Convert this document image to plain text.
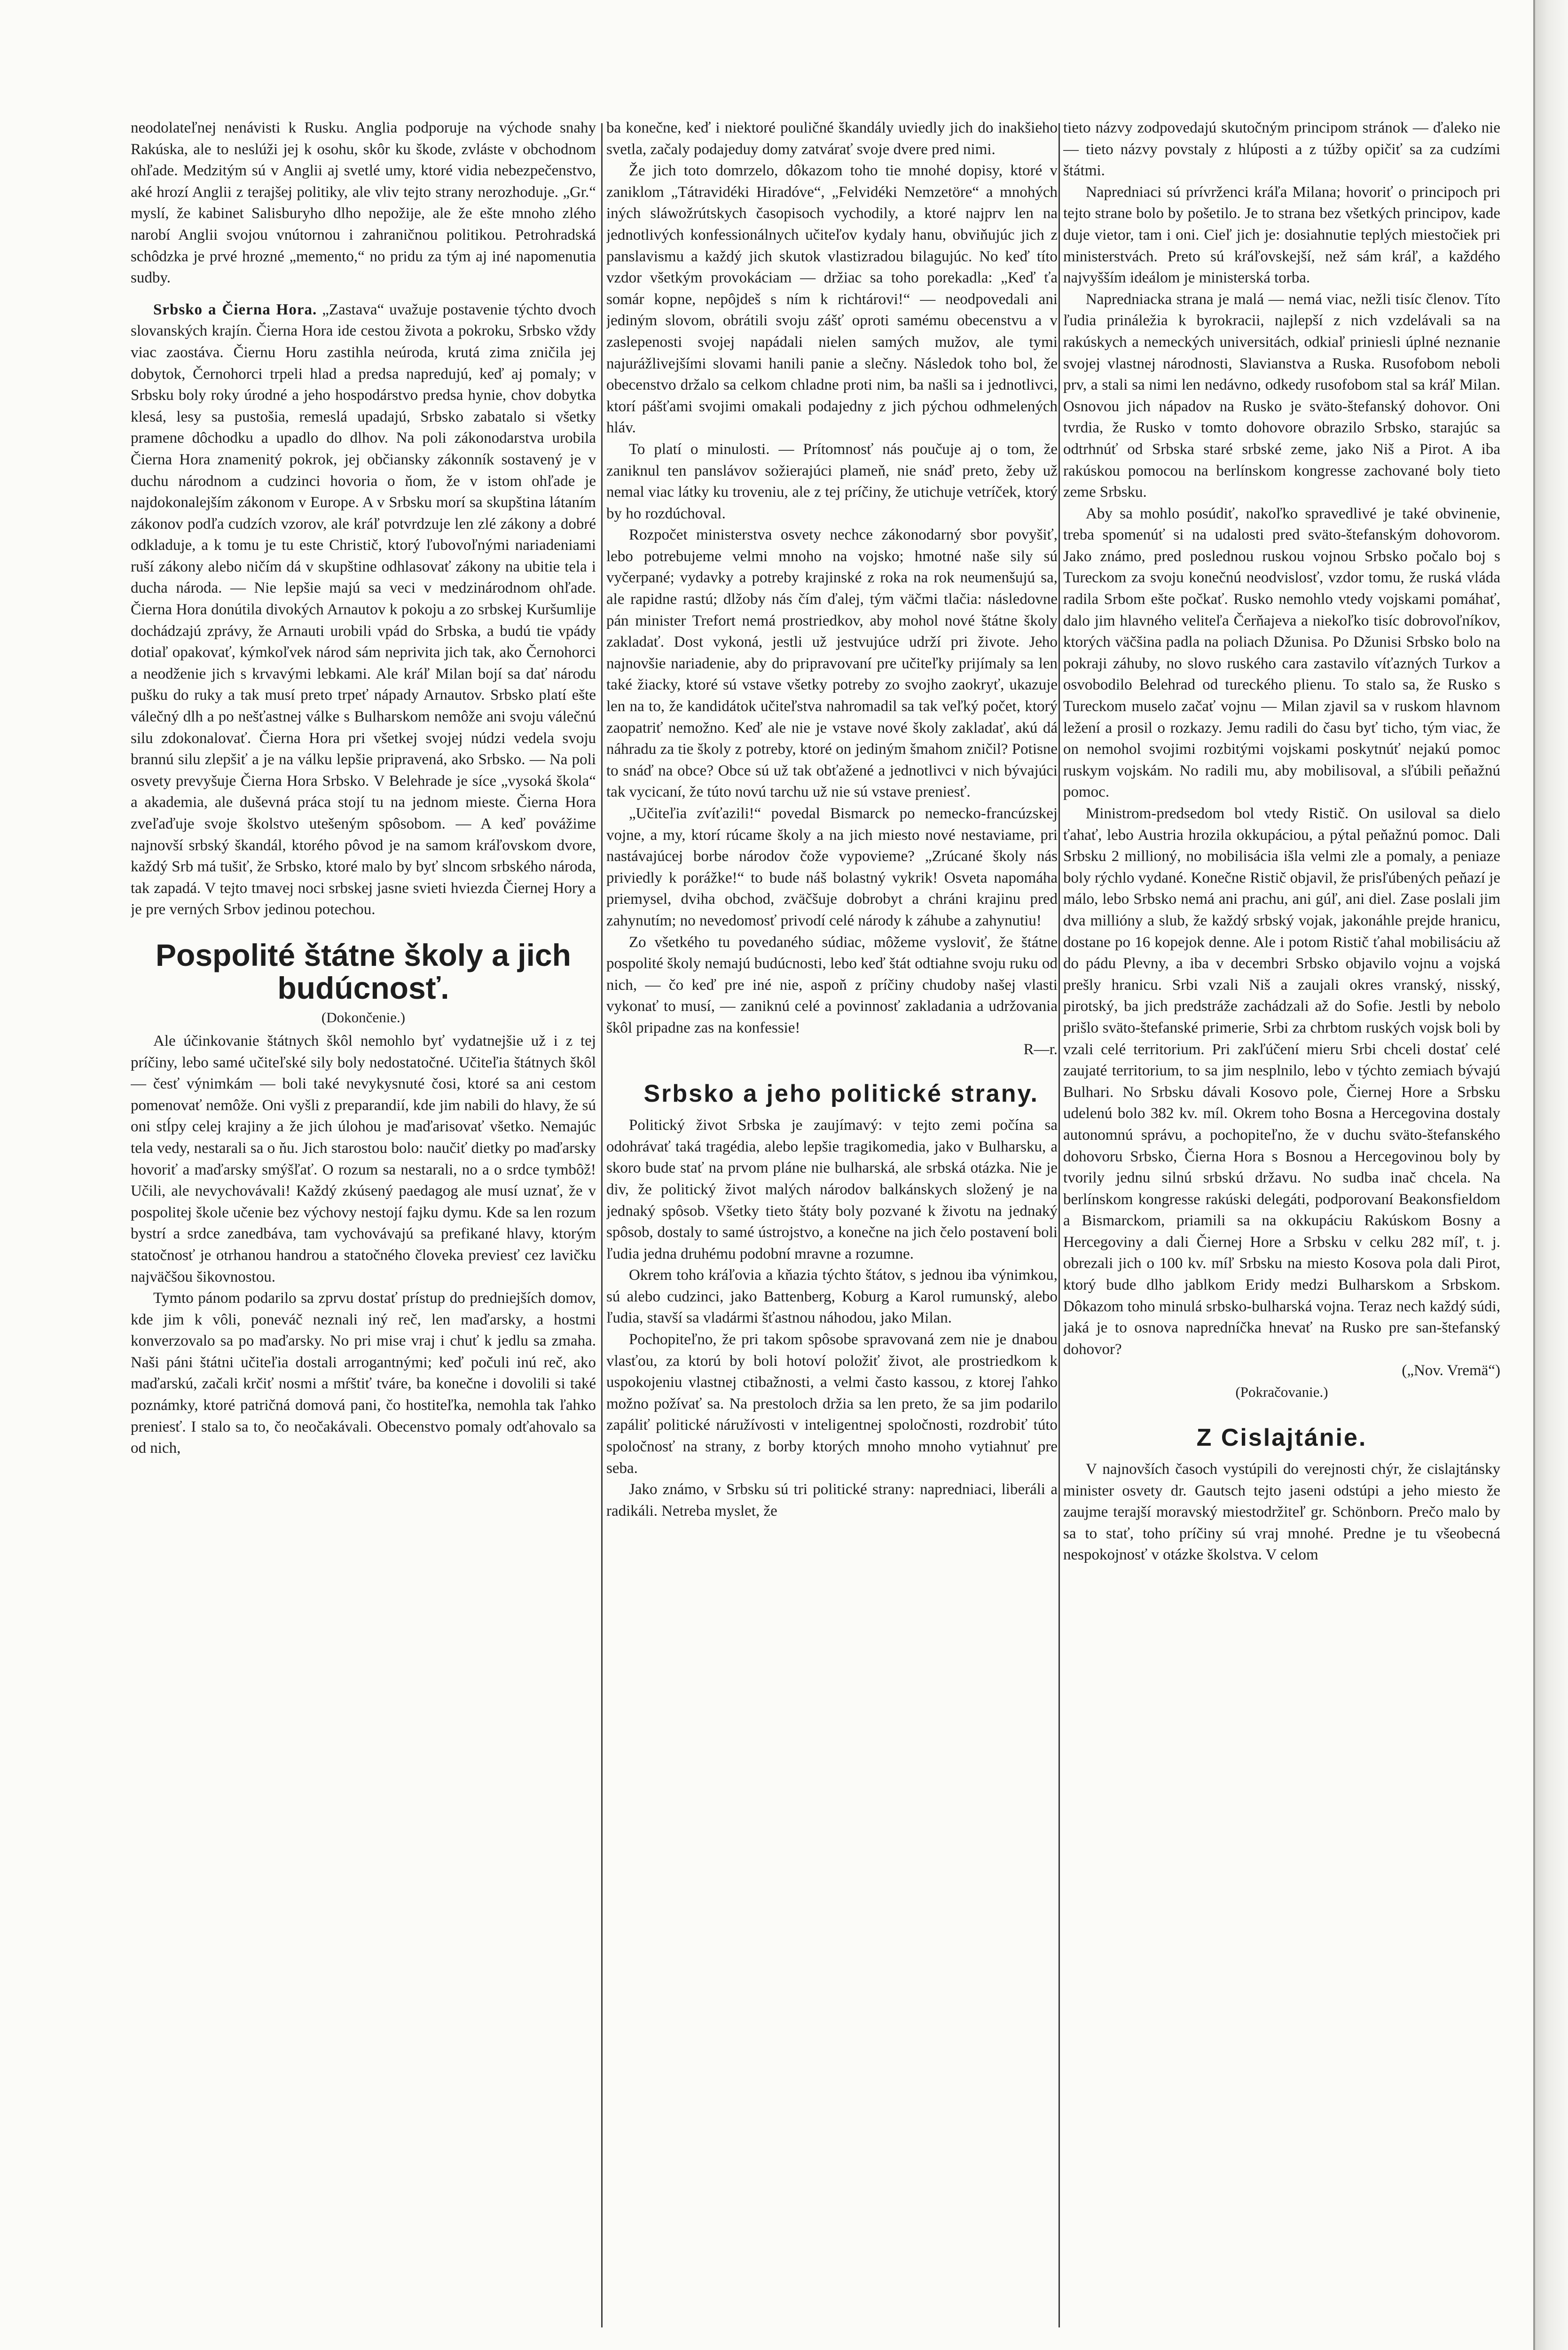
neodolateľnej nenávisti k Rusku. Anglia podporuje na východe snahy Rakúska, ale to neslúži jej k osohu, skôr ku škode, zvláste v obchodnom ohľade. Medzitým sú v Anglii aj svetlé umy, ktoré vidia nebezpečenstvo, aké hrozí Anglii z terajšej politiky, ale vliv tejto strany nerozhoduje. „Gr.“ myslí, že kabinet Salisburyho dlho nepožije, ale že ešte mnoho zlého narobí Anglii svojou vnútornou i zahraničnou politikou. Petrohradská schôdzka je prvé hrozné „memento,“ no pridu za tým aj iné napomenutia sudby.

Srbsko a Čierna Hora. „Zastava“ uvažuje postavenie týchto dvoch slovanských krajín. Čierna Hora ide cestou života a pokroku, Srbsko vždy viac zaostáva. Čiernu Horu zastihla neúroda, krutá zima zničila jej dobytok, Černohorci trpeli hlad a predsa napredujú, keď aj pomaly; v Srbsku boly roky úrodné a jeho hospodárstvo predsa hynie, chov dobytka klesá, lesy sa pustošia, remeslá upadajú, Srbsko zabatalo si všetky pramene dôchodku a upadlo do dlhov. Na poli zákonodarstva urobila Čierna Hora znamenitý pokrok, jej občiansky zákonník sostavený je v duchu národnom a cudzinci hovoria o ňom, že v istom ohľade je najdokonalejším zákonom v Europe. A v Srbsku morí sa skupština látaním zákonov podľa cudzích vzorov, ale kráľ potvrdzuje len zlé zákony a dobré odkladuje, a k tomu je tu este Christič, ktorý ľubovoľnými nariadeniami ruší zákony alebo ničím dá v skupštine odhlasovať zákony na ubitie tela i ducha národa. — Nie lepšie majú sa veci v medzinárodnom ohľade. Čierna Hora donútila divokých Arnautov k pokoju a zo srbskej Kuršumlije dochádzajú zprávy, že Arnauti urobili vpád do Srbska, a budú tie vpády dotiaľ opakovať, kýmkoľvek národ sám neprivita jich tak, ako Černohorci a neodženie jich s krvavými lebkami. Ale kráľ Milan bojí sa dať národu pušku do ruky a tak musí preto trpeť nápady Arnautov. Srbsko platí ešte válečný dlh a po nešťastnej válke s Bulharskom nemôže ani svoju válečnú silu zdokonalovať. Čierna Hora pri všetkej svojej núdzi vedela svoju brannú silu zlepšiť a je na válku lepšie pripravená, ako Srbsko. — Na poli osvety prevyšuje Čierna Hora Srbsko. V Belehrade je síce „vysoká škola“ a akademia, ale duševná práca stojí tu na jednom mieste. Čierna Hora zveľaďuje svoje školstvo utešeným spôsobom. — A keď povážime najnovší srbský škandál, ktorého pôvod je na samom kráľovskom dvore, každý Srb má tušiť, že Srbsko, ktoré malo by byť slncom srbského národa, tak zapadá. V tejto tmavej noci srbskej jasne svieti hviezda Čiernej Hory a je pre verných Srbov jedinou potechou.

Pospolité štátne školy a jich budúcnosť.
(Dokončenie.)

Ale účinkovanie štátnych škôl nemohlo byť vydatnejšie už i z tej príčiny, lebo samé učiteľské sily boly nedostatočné. Učiteľia štátnych škôl — česť výnimkám — boli také nevykysnuté čosi, ktoré sa ani cestom pomenovať nemôže. Oni vyšli z preparandií, kde jim nabili do hlavy, že sú oni stĺpy celej krajiny a že jich úlohou je maďarisovať všetko. Nemajúc tela vedy, nestarali sa o ňu. Jich starostou bolo: naučiť dietky po maďarsky hovoriť a maďarsky smýšľať. O rozum sa nestarali, no a o srdce tymbôž! Učili, ale nevychovávali! Každý zkúsený paedagog ale musí uznať, že v pospolitej škole učenie bez výchovy nestojí fajku dymu. Kde sa len rozum bystrí a srdce zanedbáva, tam vychovávajú sa prefikané hlavy, ktorým statočnosť je otrhanou handrou a statočného človeka previesť cez lavičku najväčšou šikovnostou.

Tymto pánom podarilo sa zprvu dostať prístup do predniejších domov, kde jim k vôli, poneváč neznali iný reč, len maďarsky, a hostmi konverzovalo sa po maďarsky. No pri mise vraj i chuť k jedlu sa zmaha. Naši páni štátni učiteľia dostali arrogantnými; keď počuli inú reč, ako maďarskú, začali krčiť nosmi a mŕštiť tváre, ba konečne i dovolili si také poznámky, ktoré patričná domová pani, čo hostiteľka, nemohla tak ľahko preniesť. I stalo sa to, čo neočakávali. Obecenstvo pomaly odťahovalo sa od nich,

ba konečne, keď i niektoré pouličné škandály uviedly jich do inakšieho svetla, začaly podajeduy domy zatvárať svoje dvere pred nimi.

Že jich toto domrzelo, dôkazom toho tie mnohé dopisy, ktoré v zaniklom „Tátravidéki Hiradóve“, „Felvidéki Nemzetöre“ a mnohých iných sláwožrútskych časopisoch vychodily, a ktoré najprv len na jednotlivých konfessionálnych učiteľov kydaly hanu, obviňujúc jich z panslavismu a každý jich skutok vlastizradou bilagujúc. No keď títo vzdor všetkým provokáciam — držiac sa toho porekadla: „Keď ťa somár kopne, nepôjdeš s ním k richtárovi!“ — neodpovedali ani jediným slovom, obrátili svoju zášť oproti samému obecenstvu a v zaslepenosti svojej napádali nielen samých mužov, ale tymi najurážlivejšími slovami hanili panie a slečny. Následok toho bol, že obecenstvo držalo sa celkom chladne proti nim, ba našli sa i jednotlivci, ktorí pášťami svojimi omakali podajedny z jich pýchou odhmelených hláv.

To platí o minulosti. — Prítomnosť nás poučuje aj o tom, že zaniknul ten panslávov sožierajúci plameň, nie snáď preto, žeby už nemal viac látky ku troveniu, ale z tej príčiny, že utichuje vetríček, ktorý by ho rozdúchoval.

Rozpočet ministerstva osvety nechce zákonodarný sbor povyšiť, lebo potrebujeme velmi mnoho na vojsko; hmotné naše sily sú vyčerpané; vydavky a potreby krajinské z roka na rok neumenšujú sa, ale rapidne rastú; dlžoby nás čím ďalej, tým väčmi tlačia: následovne pán minister Trefort nemá prostriedkov, aby mohol nové štátne školy zakladať. Dost vykoná, jestli už jestvujúce udrží pri živote. Jeho najnovšie nariadenie, aby do pripravovaní pre učiteľky prijímaly sa len také žiacky, ktoré sú vstave všetky potreby zo svojho zaokryť, ukazuje len na to, že kandidátok učiteľstva nahromadil sa tak veľký počet, ktorý zaopatriť nemožno. Keď ale nie je vstave nové školy zakladať, akú dá náhradu za tie školy z potreby, ktoré on jediným šmahom zničil? Potisne to snáď na obce? Obce sú už tak obťažené a jednotlivci v nich bývajúci tak vycicaní, že túto novú tarchu už nie sú vstave preniesť.

„Učiteľia zvíťazili!“ povedal Bismarck po nemecko-francúzskej vojne, a my, ktorí rúcame školy a na jich miesto nové nestaviame, pri nastávajúcej borbe národov čože vypovieme? „Zrúcané školy nás priviedly k porážke!“ to bude náš bolastný vykrik! Osveta napomáha priemysel, dviha obchod, zväčšuje dobrobyt a chráni krajinu pred zahynutím; no nevedomosť privodí celé národy k záhube a zahynutiu!

Zo všetkého tu povedaného súdiac, môžeme vysloviť, že štátne pospolité školy nemajú budúcnosti, lebo keď štát odtiahne svoju ruku od nich, — čo keď pre iné nie, aspoň z príčiny chudoby našej vlasti vykonať to musí, — zaniknú celé a povinnosť zakladania a udržovania škôl pripadne zas na konfessie!

R—r.
Srbsko a jeho politické strany.

Politický život Srbska je zaujímavý: v tejto zemi počína sa odohrávať taká tragédia, alebo lepšie tragikomedia, jako v Bulharsku, a skoro bude stať na prvom pláne nie bulharská, ale srbská otázka. Nie je div, že politický život malých národov balkánskych složený je na jednaký spôsob. Všetky tieto štáty boly pozvané k životu na jednaký spôsob, dostaly to samé ústrojstvo, a konečne na jich čelo postavení boli ľudia jedna druhému podobní mravne a rozumne.

Okrem toho kráľovia a kňazia týchto štátov, s jednou iba výnimkou, sú alebo cudzinci, jako Battenberg, Koburg a Karol rumunský, alebo ľudia, stavší sa vladármi šťastnou náhodou, jako Milan.

Pochopiteľno, že pri takom spôsobe spravovaná zem nie je dnabou vlasťou, za ktorú by boli hotoví položiť život, ale prostriedkom k uspokojeniu vlastnej ctibažnosti, a velmi často kassou, z ktorej ľahko možno požívať sa. Na prestoloch držia sa len preto, že sa jim podarilo zapáliť politické náružívosti v inteligentnej spoločnosti, rozdrobiť túto spoločnosť na strany, z borby ktorých mnoho mnoho vytiahnuť pre seba.

Jako známo, v Srbsku sú tri politické strany: napredniaci, liberáli a radikáli. Netreba myslet, že

tieto názvy zodpovedajú skutočným principom stránok — ďaleko nie — tieto názvy povstaly z hlúposti a z túžby opičiť sa za cudzími štátmi.

Napredniaci sú prívrženci kráľa Milana; hovoriť o principoch pri tejto strane bolo by pošetilo. Je to strana bez všetkých principov, kade duje vietor, tam i oni. Cieľ jich je: dosiahnutie teplých miestočiek pri ministerstvách. Preto sú kráľovskejší, než sám kráľ, a každého najvyšším ideálom je ministerská torba.

Napredniacka strana je malá — nemá viac, nežli tisíc členov. Títo ľudia prináležia k byrokracii, najlepší z nich vzdelávali sa na rakúskych a nemeckých universitách, odkiaľ priniesli úplné neznanie svojej vlastnej národnosti, Slavianstva a Ruska. Rusofobom neboli prv, a stali sa nimi len nedávno, odkedy rusofobom stal sa kráľ Milan. Osnovou jich nápadov na Rusko je sväto-štefanský dohovor. Oni tvrdia, že Rusko v tomto dohovore obrazilo Srbsko, starajúc sa odtrhnúť od Srbska staré srbské zeme, jako Niš a Pirot. A iba rakúskou pomocou na berlínskom kongresse zachované boly tieto zeme Srbsku.

Aby sa mohlo posúdiť, nakoľko spravedlivé je také obvinenie, treba spomenúť si na udalosti pred sväto-štefanským dohovorom. Jako známo, pred poslednou ruskou vojnou Srbsko počalo boj s Tureckom za svoju konečnú neodvislosť, vzdor tomu, že ruská vláda radila Srbom ešte počkať. Rusko nemohlo vtedy vojskami pomáhať, dalo jim hlavného veliteľa Čerňajeva a niekoľko tisíc dobrovoľníkov, ktorých väčšina padla na poliach Džunisa. Po Džunisi Srbsko bolo na pokraji záhuby, no slovo ruského cara zastavilo víťazných Turkov a osvobodilo Belehrad od tureckého plienu. To stalo sa, že Rusko s Tureckom muselo začať vojnu — Milan zjavil sa v ruskom hlavnom ležení a prosil o rozkazy. Jemu radili do času byť ticho, tým viac, že on nemohol svojimi rozbitými vojskami poskytnúť nejakú pomoc ruskym vojskám. No radili mu, aby mobilisoval, a sľúbili peňažnú pomoc.

Ministrom-predsedom bol vtedy Ristič. On usiloval sa dielo ťahať, lebo Austria hrozila okkupáciou, a pýtal peňažnú pomoc. Dali Srbsku 2 millioný, no mobilisácia išla velmi zle a pomaly, a peniaze boly rýchlo vydané. Konečne Ristič objavil, že prisľúbených peňazí je málo, lebo Srbsko nemá ani prachu, ani gúľ, ani diel. Zase poslali jim dva millióny a slub, že každý srbský vojak, jakonáhle prejde hranicu, dostane po 16 kopejok denne. Ale i potom Ristič ťahal mobilisáciu až do pádu Plevny, a iba v decembri Srbsko objavilo vojnu a vojská prešly hranicu. Srbi vzali Niš a zaujali okres vranský, nisský, pirotský, ba jich predstráže zachádzali až do Sofie. Jestli by nebolo prišlo sväto-štefanské primerie, Srbi za chrbtom ruských vojsk boli by vzali celé territorium. Pri zakľúčení mieru Srbi chceli dostať celé zaujaté territorium, to sa jim nesplnilo, lebo v týchto zemiach bývajú Bulhari. No Srbsku dávali Kosovo pole, Čiernej Hore a Srbsku udelenú bolo 382 kv. míl. Okrem toho Bosna a Hercegovina dostaly autonomnú správu, a pochopiteľno, že v duchu sväto-štefanského dohovoru Srbsko, Čierna Hora s Bosnou a Hercegovinou boly by tvorily jednu silnú srbskú državu. No sudba inač chcela. Na berlínskom kongresse rakúski delegáti, podporovaní Beakonsfieldom a Bismarckom, priamili sa na okkupáciu Rakúskom Bosny a Hercegoviny a dali Čiernej Hore a Srbsku v celku 282 míľ, t. j. obrezali jich o 100 kv. míľ Srbsku na miesto Kosova pola dali Pirot, ktorý bude dlho jablkom Eridy medzi Bulharskom a Srbskom. Dôkazom toho minulá srbsko-bulharská vojna. Teraz nech každý súdi, jaká je to osnova napredníčka hnevať na Rusko pre san-štefanský dohovor?

(„Nov. Vremä“)
(Pokračovanie.)
Z Cislajtánie.

V najnovších časoch vystúpili do verejnosti chýr, že cislajtánsky minister osvety dr. Gautsch tejto jaseni odstúpi a jeho miesto že zaujme terajší moravský miestodržiteľ gr. Schönborn. Prečo malo by sa to stať, toho príčiny sú vraj mnohé. Predne je tu všeobecná nespokojnosť v otázke školstva. V celom
